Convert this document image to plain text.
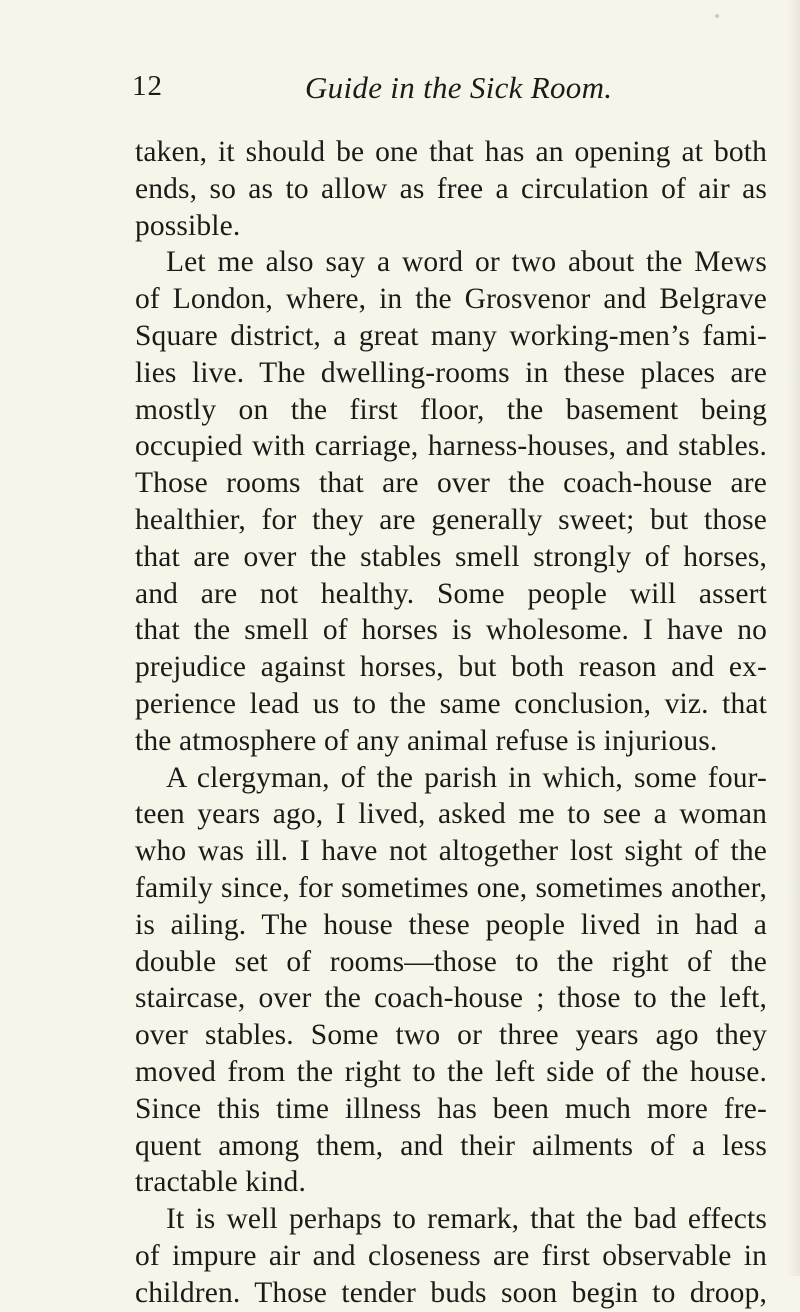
12	Guide in the Sick Room.
taken, it should be one that has an opening at both
ends, so as to allow as free a circulation of air as
possible.
Let me also say a word or two about the Mews
of London, where, in the Grosvenor and Belgrave
Square district, a great many working-men’s fami-
lies live. The dwelling-rooms in these places are
mostly on the first floor, the basement being
occupied with carriage, harness-houses, and stables.
Those rooms that are over the coach-house are
healthier, for they are generally sweet; but those
that are over the stables smell strongly of horses,
and are not healthy. Some people will assert
that the smell of horses is wholesome. I have no
prejudice against horses, but both reason and ex-
perience lead us to the same conclusion, viz. that
the atmosphere of any animal refuse is injurious.
A clergyman, of the parish in which, some four-
teen years ago, I lived, asked me to see a woman
who was ill. I have not altogether lost sight of the
family since, for sometimes one, sometimes another,
is ailing. The house these people lived in had a
double set of rooms—those to the right of the
staircase, over the coach-house ; those to the left,
over stables. Some two or three years ago they
moved from the right to the left side of the house.
Since this time illness has been much more fre-
quent among them, and their ailments of a less
tractable kind.
It is well perhaps to remark, that the bad effects
of impure air and closeness are first observable in
children. Those tender buds soon begin to droop,
